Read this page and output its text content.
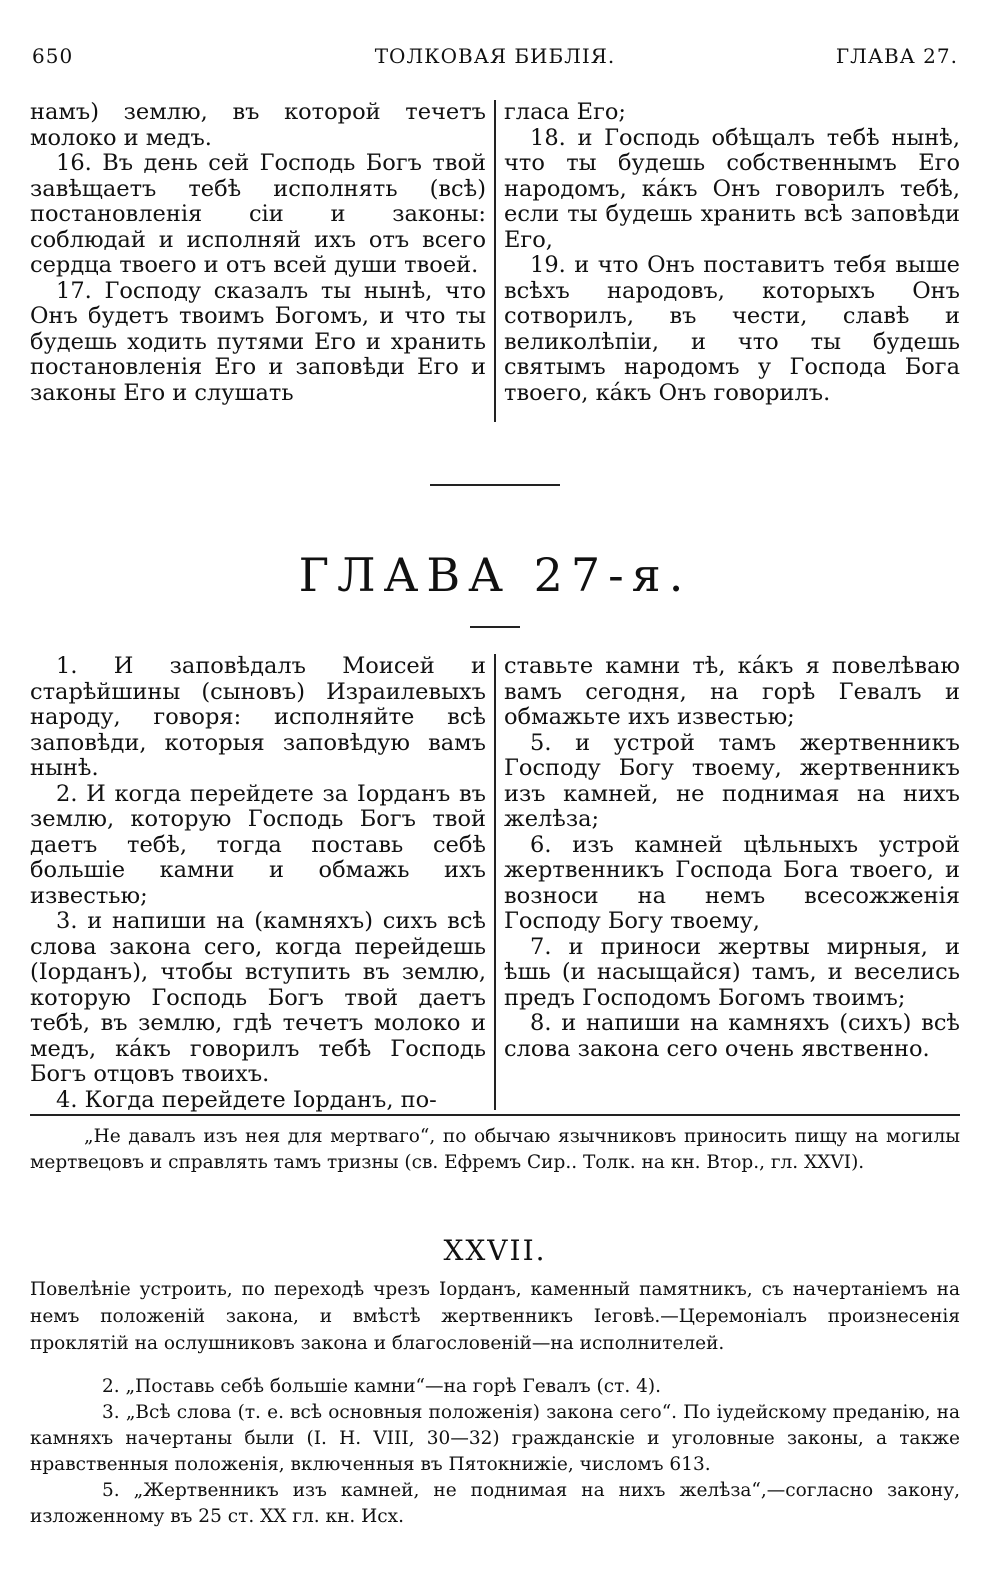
650	ТОЛКОВАЯ БИБЛІЯ.	ГЛАВА 27.

намъ) землю, въ которой течетъ молоко и медъ.

16. Въ день сей Господь Богъ твой завѣщаетъ тебѣ исполнять (всѣ) постановленія сіи и законы: соблюдай и исполняй ихъ отъ всего сердца твоего и отъ всей души твоей.

17. Господу сказалъ ты нынѣ, что Онъ будетъ твоимъ Богомъ, и что ты будешь ходить путями Его и хранить постановленія Его и заповѣди Его и законы Его и слушать

гласа Его;

18. и Господь обѣщалъ тебѣ нынѣ, что ты будешь собственнымъ Его народомъ, ка́къ Онъ говорилъ тебѣ, если ты будешь хранить всѣ заповѣди Его,

19. и что Онъ поставитъ тебя выше всѣхъ народовъ, которыхъ Онъ сотворилъ, въ чести, славѣ и великолѣпіи, и что ты будешь святымъ народомъ у Господа Бога твоего, ка́къ Онъ говорилъ.

ГЛАВА 27-я.

1. И заповѣдалъ Моисей и старѣйшины (сыновъ) Израилевыхъ народу, говоря: исполняйте всѣ заповѣди, которыя заповѣдую вамъ нынѣ.

2. И когда перейдете за Іорданъ въ землю, которую Господь Богъ твой даетъ тебѣ, тогда поставь себѣ большіе камни и обмажь ихъ известью;

3. и напиши на (камняхъ) сихъ всѣ слова закона сего, когда перейдешь (Іорданъ), чтобы вступить въ землю, которую Господь Богъ твой даетъ тебѣ, въ землю, гдѣ течетъ молоко и медъ, ка́къ говорилъ тебѣ Господь Богъ отцовъ твоихъ.

4. Когда перейдете Іорданъ, по-

ставьте камни тѣ, ка́къ я повелѣваю вамъ сегодня, на горѣ Гевалъ и обмажьте ихъ известью;

5. и устрой тамъ жертвенникъ Господу Богу твоему, жертвенникъ изъ камней, не поднимая на нихъ желѣза;

6. изъ камней цѣльныхъ устрой жертвенникъ Господа Бога твоего, и возноси на немъ всесожженія Господу Богу твоему,

7. и приноси жертвы мирныя, и ѣшь (и насыщайся) тамъ, и веселись предъ Господомъ Богомъ твоимъ;

8. и напиши на камняхъ (сихъ) всѣ слова закона сего очень явственно.

„Не давалъ изъ нея для мертваго“, по обычаю язычниковъ приносить пищу на могилы мертвецовъ и справлять тамъ тризны (св. Ефремъ Сир.. Толк. на кн. Втор., гл. XXVI).

XXVII.

Повелѣніе устроить, по переходѣ чрезъ Іорданъ, каменный памятникъ, съ начертаніемъ на немъ положеній закона, и вмѣстѣ жертвенникъ Іеговѣ.—Церемоніалъ произнесенія проклятій на ослушниковъ закона и благословеній—на исполнителей.

2. „Поставь себѣ большіе камни“—на горѣ Гевалъ (ст. 4).

3. „Всѣ слова (т. е. всѣ основныя положенія) закона сего“. По іудейскому преданію, на камняхъ начертаны были (I. Н. VIII, 30—32) гражданскіе и уголовные законы, а также нравственныя положенія, включенныя въ Пятокнижіе, числомъ 613.

5. „Жертвенникъ изъ камней, не поднимая на нихъ желѣза“,—согласно закону, изложенному въ 25 ст. XX гл. кн. Исх.
